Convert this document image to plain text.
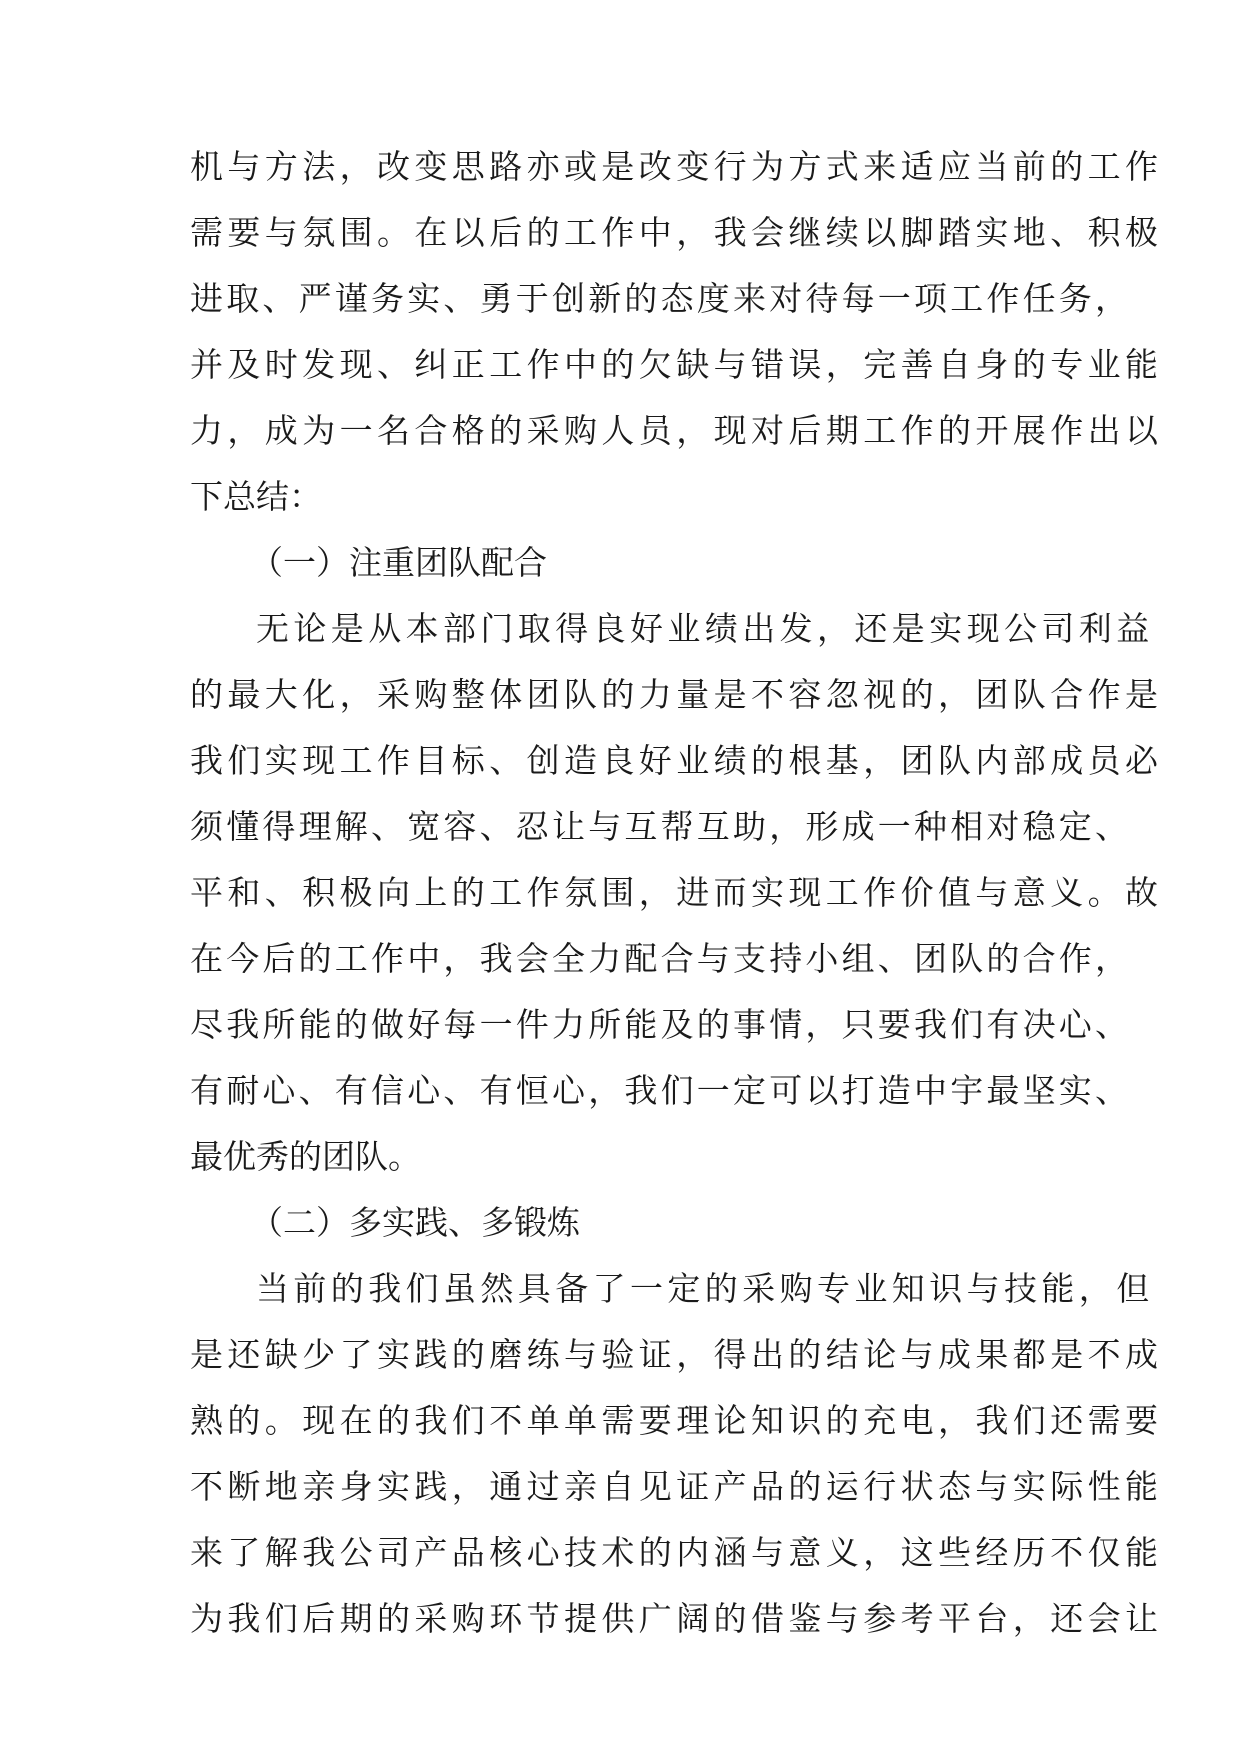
机与方法，改变思路亦或是改变行为方式来适应当前的工作
需要与氛围。在以后的工作中，我会继续以脚踏实地、积极
进取、严谨务实、勇于创新的态度来对待每一项工作任务，
并及时发现、纠正工作中的欠缺与错误，完善自身的专业能
力，成为一名合格的采购人员，现对后期工作的开展作出以
下总结：
（一）注重团队配合
无论是从本部门取得良好业绩出发，还是实现公司利益
的最大化，采购整体团队的力量是不容忽视的，团队合作是
我们实现工作目标、创造良好业绩的根基，团队内部成员必
须懂得理解、宽容、忍让与互帮互助，形成一种相对稳定、
平和、积极向上的工作氛围，进而实现工作价值与意义。故
在今后的工作中，我会全力配合与支持小组、团队的合作，
尽我所能的做好每一件力所能及的事情，只要我们有决心、
有耐心、有信心、有恒心，我们一定可以打造中宇最坚实、
最优秀的团队。
（二）多实践、多锻炼
当前的我们虽然具备了一定的采购专业知识与技能，但
是还缺少了实践的磨练与验证，得出的结论与成果都是不成
熟的。现在的我们不单单需要理论知识的充电，我们还需要
不断地亲身实践，通过亲自见证产品的运行状态与实际性能
来了解我公司产品核心技术的内涵与意义，这些经历不仅能
为我们后期的采购环节提供广阔的借鉴与参考平台，还会让
